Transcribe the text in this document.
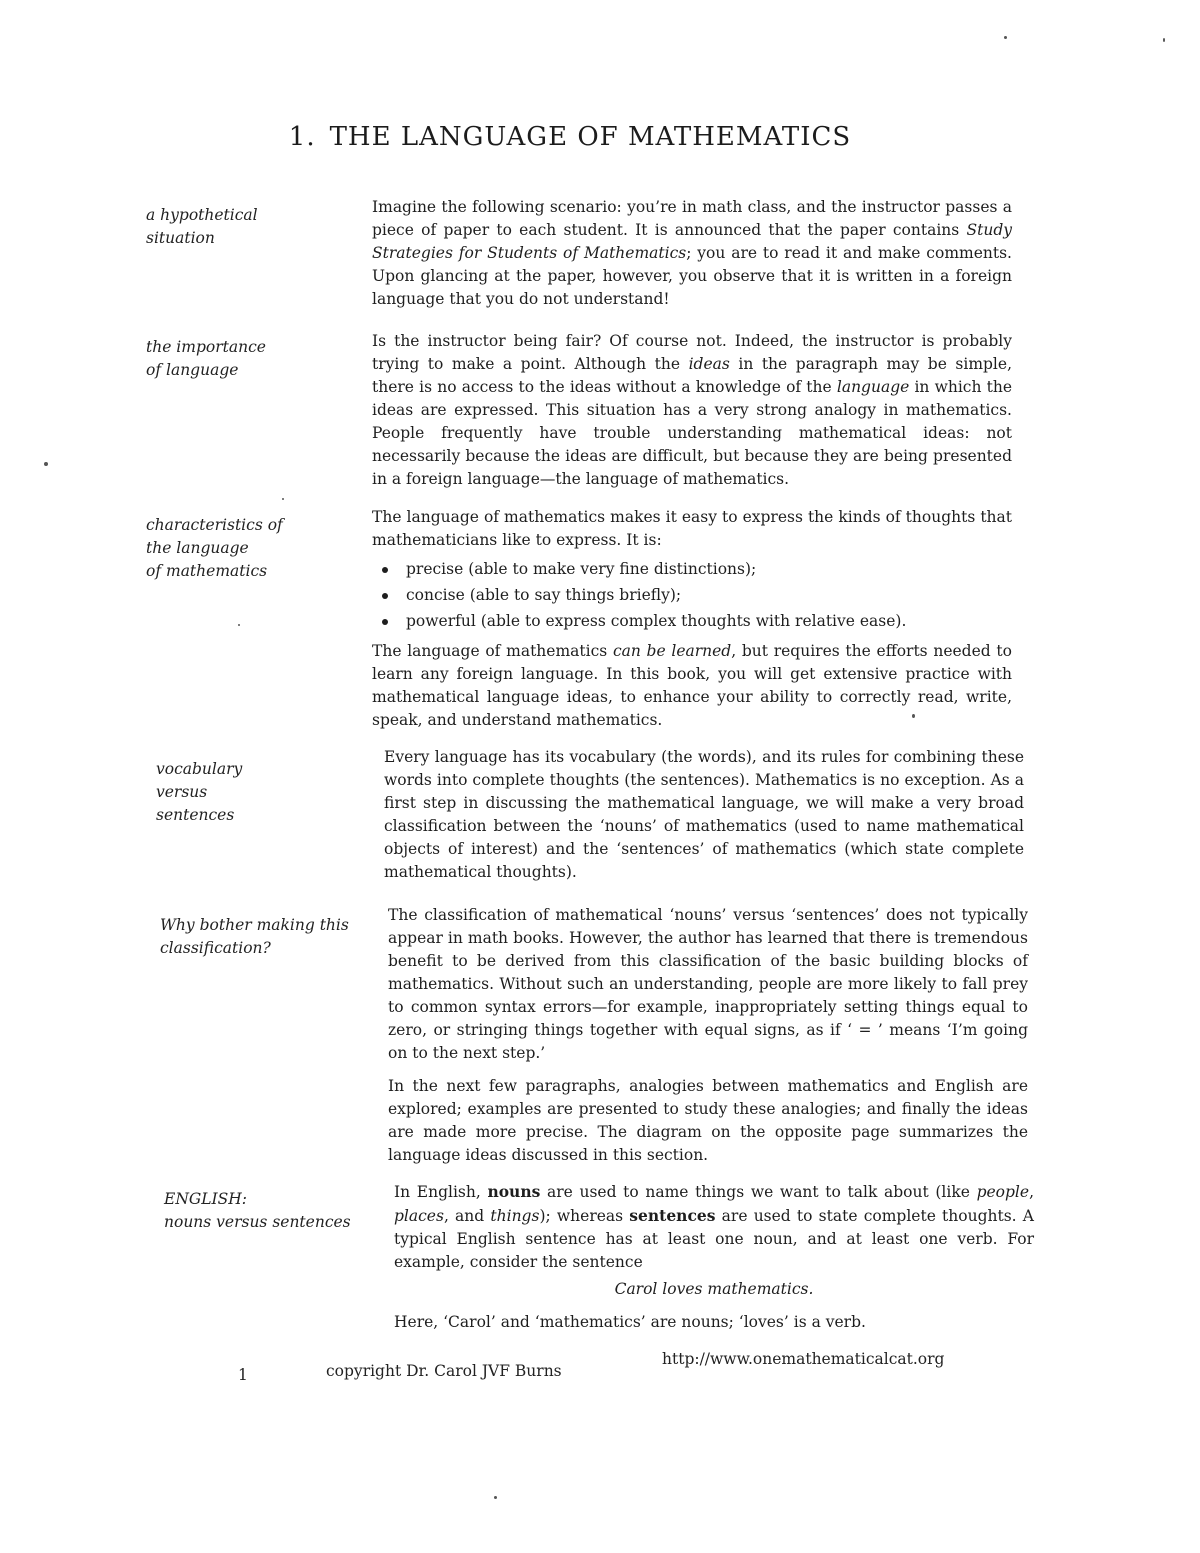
1. THE LANGUAGE OF MATHEMATICS
a hypothetical
situation

Imagine the following scenario: you’re in math class, and the instructor passes a piece of paper to each student. It is announced that the paper contains Study Strategies for Students of Mathematics; you are to read it and make comments. Upon glancing at the paper, however, you observe that it is written in a foreign language that you do not understand!

the importance
of language

Is the instructor being fair? Of course not. Indeed, the instructor is probably trying to make a point. Although the ideas in the paragraph may be simple, there is no access to the ideas without a knowledge of the language in which the ideas are expressed. This situation has a very strong analogy in mathematics. People frequently have trouble understanding mathematical ideas: not necessarily because the ideas are difficult, but because they are being presented in a foreign language—the language of mathematics.

characteristics of
the language
of mathematics

The language of mathematics makes it easy to express the kinds of thoughts that mathematicians like to express. It is:

precise (able to make very fine distinctions);
concise (able to say things briefly);
powerful (able to express complex thoughts with relative ease).

The language of mathematics can be learned, but requires the efforts needed to learn any foreign language. In this book, you will get extensive practice with mathematical language ideas, to enhance your ability to correctly read, write, speak, and understand mathematics.

vocabulary
versus
sentences

Every language has its vocabulary (the words), and its rules for combining these words into complete thoughts (the sentences). Mathematics is no exception. As a first step in discussing the mathematical language, we will make a very broad classification between the ‘nouns’ of mathematics (used to name mathematical objects of interest) and the ‘sentences’ of mathematics (which state complete mathematical thoughts).

Why bother making this
classification?

The classification of mathematical ‘nouns’ versus ‘sentences’ does not typically appear in math books. However, the author has learned that there is tremendous benefit to be derived from this classification of the basic building blocks of mathematics. Without such an understanding, people are more likely to fall prey to common syntax errors—for example, inappropriately setting things equal to zero, or stringing things together with equal signs, as if ‘ = ’ means ‘I’m going on to the next step.’

In the next few paragraphs, analogies between mathematics and English are explored; examples are presented to study these analogies; and finally the ideas are made more precise. The diagram on the opposite page summarizes the language ideas discussed in this section.

ENGLISH:
nouns versus sentences

In English, nouns are used to name things we want to talk about (like people, places, and things); whereas sentences are used to state complete thoughts. A typical English sentence has at least one noun, and at least one verb. For example, consider the sentence

Carol loves mathematics.

Here, ‘Carol’ and ‘mathematics’ are nouns; ‘loves’ is a verb.

1	copyright Dr. Carol JVF Burns
http://www.onemathematicalcat.org
